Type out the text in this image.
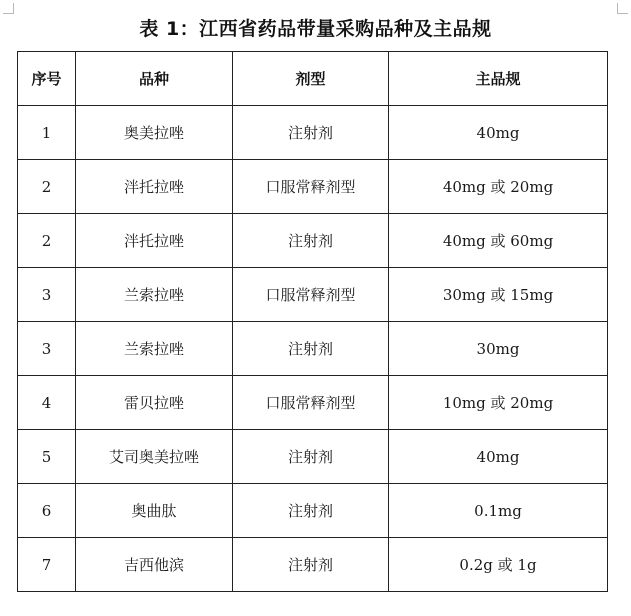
表 1：江西省药品带量采购品种及主品规
序号	品种	剂型	主品规
1	奥美拉唑	注射剂	40mg
2	泮托拉唑	口服常释剂型	40mg 或 20mg
2	泮托拉唑	注射剂	40mg 或 60mg
3	兰索拉唑	口服常释剂型	30mg 或 15mg
3	兰索拉唑	注射剂	30mg
4	雷贝拉唑	口服常释剂型	10mg 或 20mg
5	艾司奥美拉唑	注射剂	40mg
6	奥曲肽	注射剂	0.1mg
7	吉西他滨	注射剂	0.2g 或 1g
